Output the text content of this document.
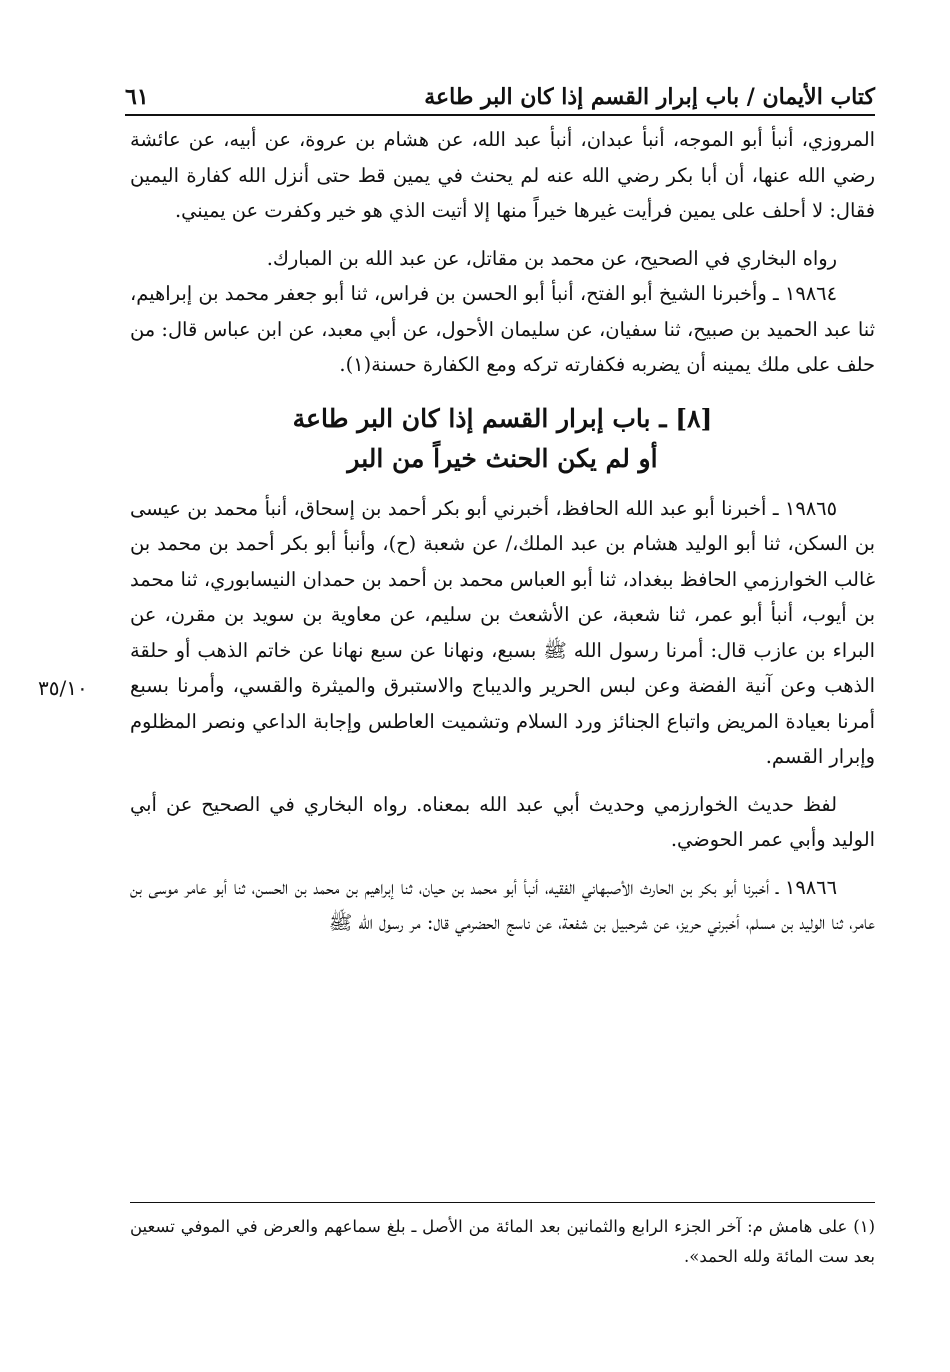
كتاب الأيمان / باب إبرار القسم إذا كان البر طاعة
٦١
٣٥/١٠

المروزي، أنبأ أبو الموجه، أنبأ عبدان، أنبأ عبد الله، عن هشام بن عروة، عن أبيه، عن عائشة رضي الله عنها، أن أبا بكر رضي الله عنه لم يحنث في يمين قط حتى أنزل الله كفارة اليمين فقال: لا أحلف على يمين فرأيت غيرها خيراً منها إلا أتيت الذي هو خير وكفرت عن يميني.

رواه البخاري في الصحيح، عن محمد بن مقاتل، عن عبد الله بن المبارك.

١٩٨٦٤ ـ وأخبرنا الشيخ أبو الفتح، أنبأ أبو الحسن بن فراس، ثنا أبو جعفر محمد بن إبراهيم، ثنا عبد الحميد بن صبيح، ثنا سفيان، عن سليمان الأحول، عن أبي معبد، عن ابن عباس قال: من حلف على ملك يمينه أن يضربه فكفارته تركه ومع الكفارة حسنة(١).

[٨] ـ باب إبرار القسم إذا كان البر طاعة
أو لم يكن الحنث خيراً من البر

١٩٨٦٥ ـ أخبرنا أبو عبد الله الحافظ، أخبرني أبو بكر أحمد بن إسحاق، أنبأ محمد بن عيسى بن السكن، ثنا أبو الوليد هشام بن عبد الملك،/ عن شعبة (ح)، وأنبأ أبو بكر أحمد بن محمد بن غالب الخوارزمي الحافظ ببغداد، ثنا أبو العباس محمد بن أحمد بن حمدان النيسابوري، ثنا محمد بن أيوب، أنبأ أبو عمر، ثنا شعبة، عن الأشعث بن سليم، عن معاوية بن سويد بن مقرن، عن البراء بن عازب قال: أمرنا رسول الله ﷺ بسبع، ونهانا عن سبع نهانا عن خاتم الذهب أو حلقة الذهب وعن آنية الفضة وعن لبس الحرير والديباج والاستبرق والميثرة والقسي، وأمرنا بسبع أمرنا بعيادة المريض واتباع الجنائز ورد السلام وتشميت العاطس وإجابة الداعي ونصر المظلوم وإبرار القسم.

لفظ حديث الخوارزمي وحديث أبي عبد الله بمعناه. رواه البخاري في الصحيح عن أبي الوليد وأبي عمر الحوضي.

١٩٨٦٦ ـ أخبرنا أبو بكر بن الحارث الأصبهاني الفقيه، أنبأ أبو محمد بن حيان، ثنا إبراهيم بن محمد بن الحسن، ثنا أبو عامر موسى بن عامر، ثنا الوليد بن مسلم، أخبرني حريز، عن شرحبيل بن شفعة، عن ناسج الحضرمي قال: مر رسول الله ﷺ

(١) على هامش م: آخر الجزء الرابع والثمانين بعد المائة من الأصل ـ بلغ سماعهم والعرض في الموفي تسعين بعد ست المائة ولله الحمد».
